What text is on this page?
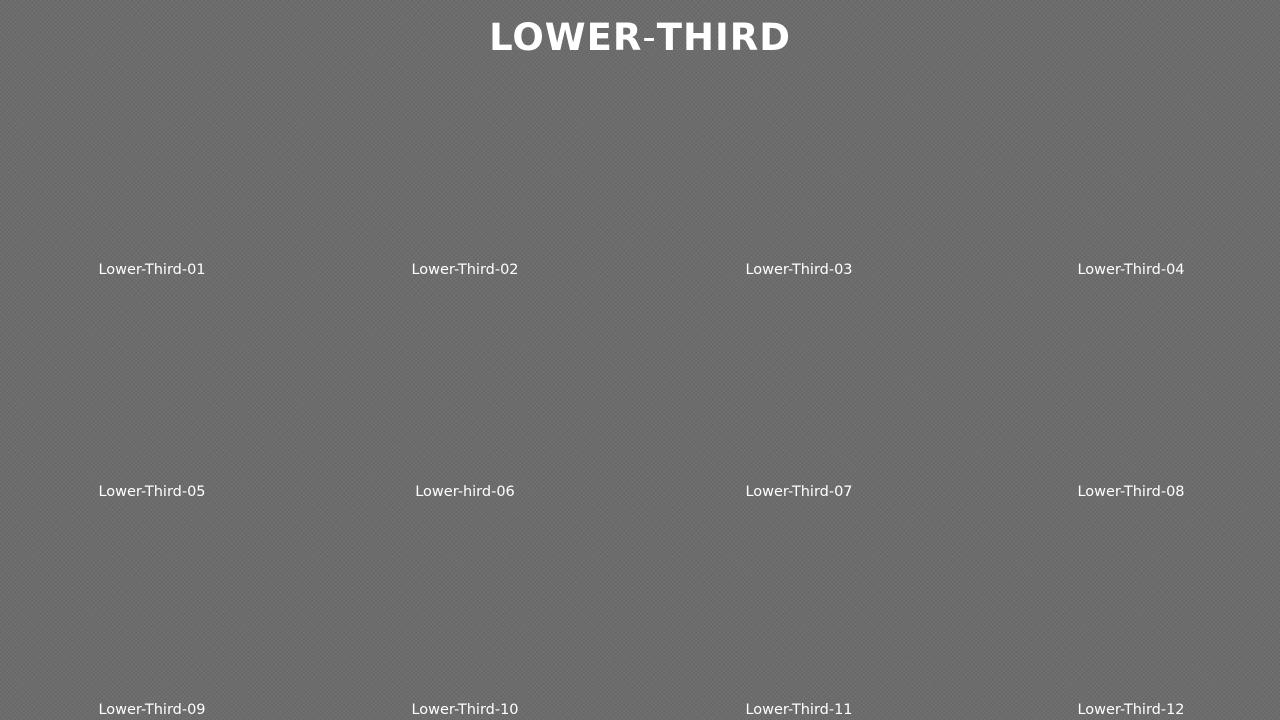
LOWER-THIRD
Lower-Third-01	Lower-Third-02	Lower-Third-03	Lower-Third-04
Lower-Third-05	Lower-hird-06	Lower-Third-07	Lower-Third-08
Lower-Third-09	Lower-Third-10	Lower-Third-11	Lower-Third-12
